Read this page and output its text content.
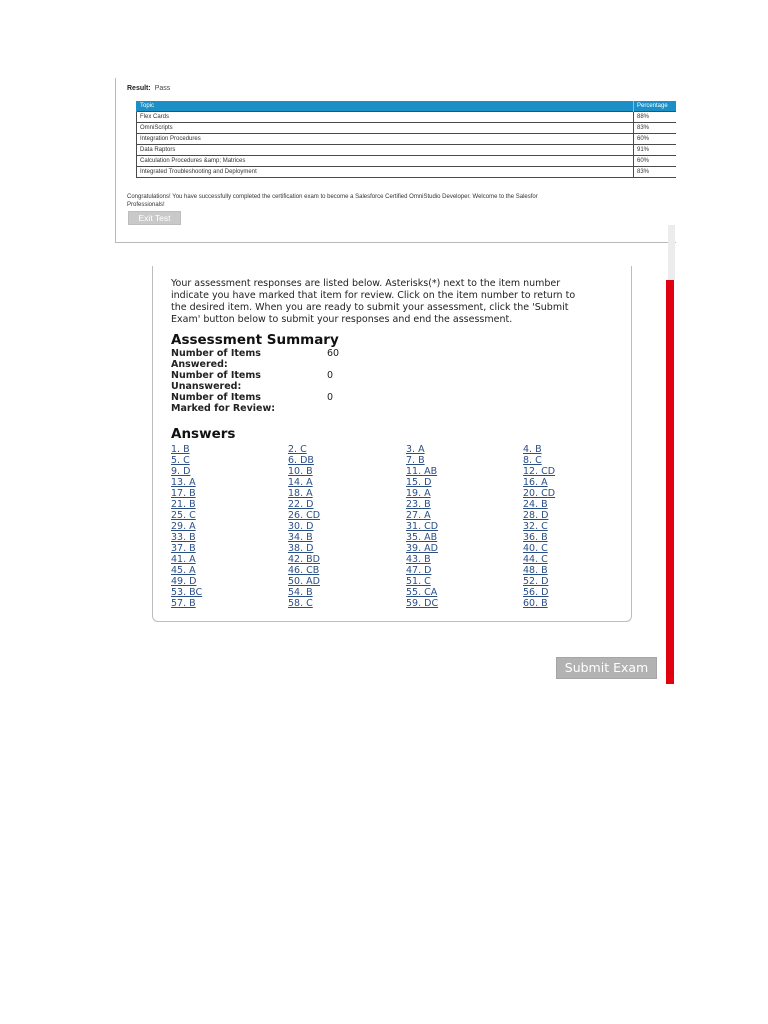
Result: Pass
Topic	Percentage
Flex Cards	88%
OmniScripts	83%
Integration Procedures	60%
Data Raptors	91%
Calculation Procedures &amp; Matrices	60%
Integrated Troubleshooting and Deployment	83%
Congratulations! You have successfully completed the certification exam to become a Salesforce Certified OmniStudio Developer. Welcome to the Salesfor
Professionals!
Exit Test
Your assessment responses are listed below. Asterisks(*) next to the item number
indicate you have marked that item for review. Click on the item number to return to
the desired item. When you are ready to submit your assessment, click the 'Submit
Exam' button below to submit your responses and end the assessment.
Assessment Summary
Number of Items
Answered:
60
Number of Items
Unanswered:
0
Number of Items
Marked for Review:
0
Answers
1. B	2. C	3. A	4. B
5. C	6. DB	7. B	8. C
9. D	10. B	11. AB	12. CD
13. A	14. A	15. D	16. A
17. B	18. A	19. A	20. CD
21. B	22. D	23. B	24. B
25. C	26. CD	27. A	28. D
29. A	30. D	31. CD	32. C
33. B	34. B	35. AB	36. B
37. B	38. D	39. AD	40. C
41. A	42. BD	43. B	44. C
45. A	46. CB	47. D	48. B
49. D	50. AD	51. C	52. D
53. BC	54. B	55. CA	56. D
57. B	58. C	59. DC	60. B
Submit Exam
